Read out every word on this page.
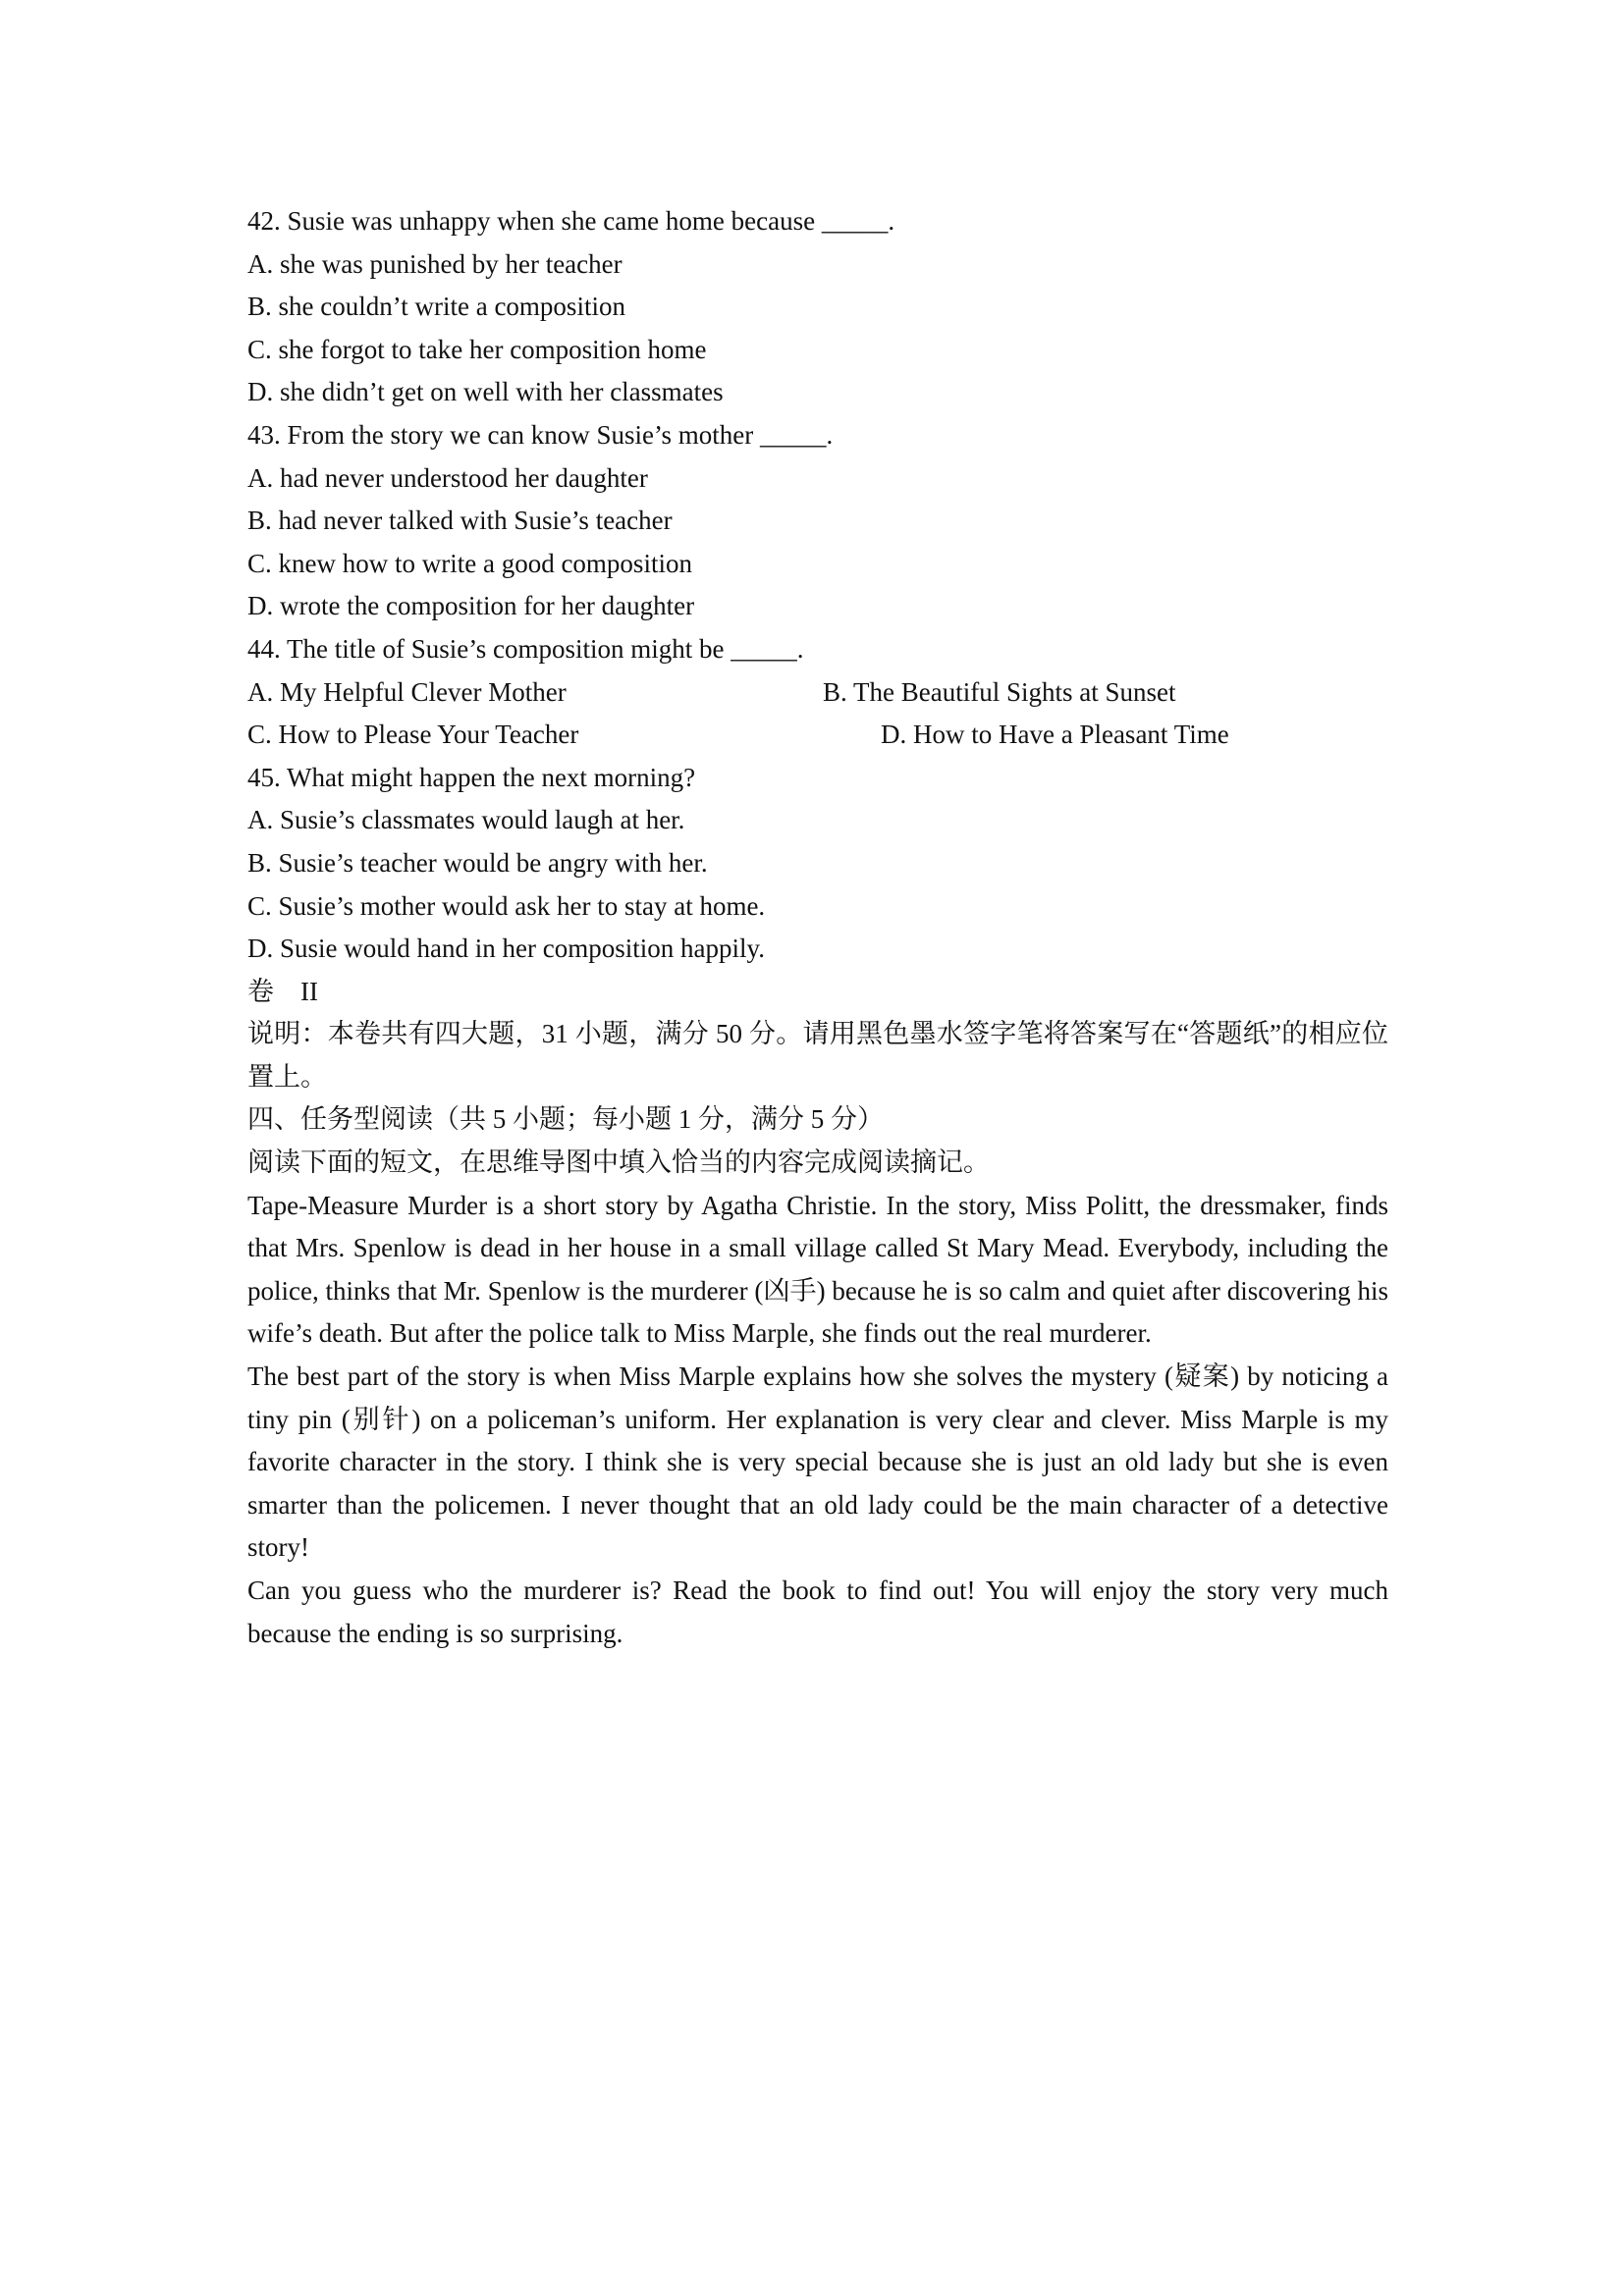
42. Susie was unhappy when she came home because _____.
A. she was punished by her teacher
B. she couldn’t write a composition
C. she forgot to take her composition home
D. she didn’t get on well with her classmates
43. From the story we can know Susie’s mother _____.
A. had never understood her daughter
B. had never talked with Susie’s teacher
C. knew how to write a good composition
D. wrote the composition for her daughter
44. The title of Susie’s composition might be _____.
A. My Helpful Clever Mother	B. The Beautiful Sights at Sunset
C. How to Please Your Teacher	D. How to Have a Pleasant Time
45. What might happen the next morning?
A. Susie’s classmates would laugh at her.
B. Susie’s teacher would be angry with her.
C. Susie’s mother would ask her to stay at home.
D. Susie would hand in her composition happily.
卷　II
说明：本卷共有四大题，31 小题，满分 50 分。请用黑色墨水签字笔将答案写在“答题纸”的相应位置上。
四、任务型阅读（共 5 小题；每小题 1 分，满分 5 分）
阅读下面的短文，在思维导图中填入恰当的内容完成阅读摘记。
Tape-Measure Murder is a short story by Agatha Christie. In the story, Miss Politt, the dressmaker, finds that Mrs. Spenlow is dead in her house in a small village called St Mary Mead. Everybody, including the police, thinks that Mr. Spenlow is the murderer (凶手) because he is so calm and quiet after discovering his wife’s death. But after the police talk to Miss Marple, she finds out the real murderer.
The best part of the story is when Miss Marple explains how she solves the mystery (疑案) by noticing a tiny pin (别针) on a policeman’s uniform. Her explanation is very clear and clever. Miss Marple is my favorite character in the story. I think she is very special because she is just an old lady but she is even smarter than the policemen. I never thought that an old lady could be the main character of a detective story!
Can you guess who the murderer is? Read the book to find out! You will enjoy the story very much because the ending is so surprising.
